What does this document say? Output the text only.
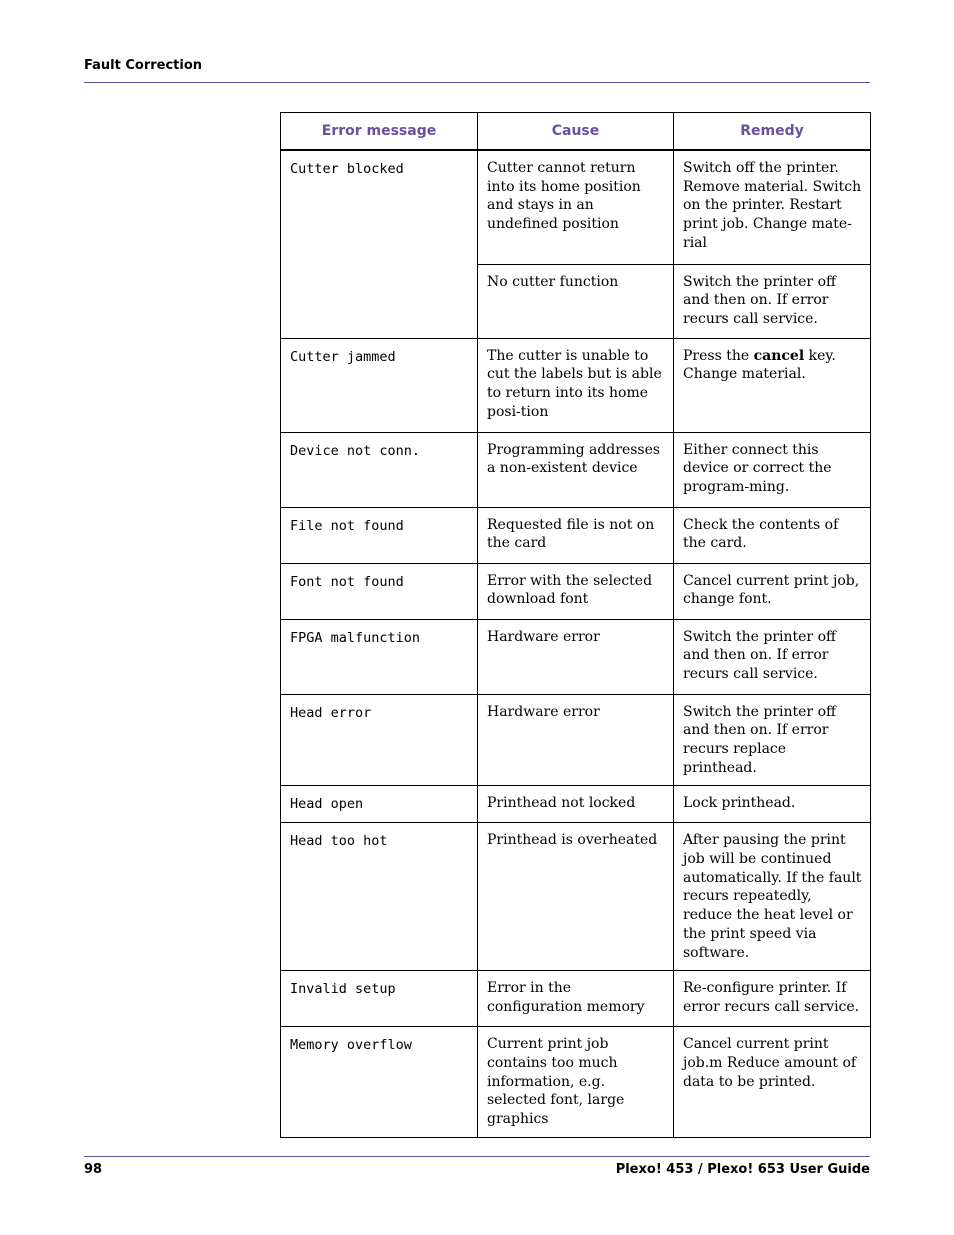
Fault Correction
Error message	Cause	Remedy
Cutter blocked	Cutter cannot return into its home position and stays in an undefined position	Switch off the printer. Remove material. Switch on the printer. Restart print job. Change mate-rial
	No cutter function	Switch the printer off and then on. If error recurs call service.
Cutter jammed	The cutter is unable to cut the labels but is able to return into its home posi-tion	Press the cancel key. Change material.
Device not conn.	Programming addresses a non-existent device	Either connect this device or correct the program-ming.
File not found	Requested file is not on the card	Check the contents of the card.
Font not found	Error with the selected download font	Cancel current print job, change font.
FPGA malfunction	Hardware error	Switch the printer off and then on. If error recurs call service.
Head error	Hardware error	Switch the printer off and then on. If error recurs replace printhead.
Head open	Printhead not locked	Lock printhead.
Head too hot	Printhead is overheated	After pausing the print job will be continued automatically. If the fault recurs repeatedly, reduce the heat level or the print speed via software.
Invalid setup	Error in the configuration memory	Re-configure printer. If error recurs call service.
Memory overflow	Current print job contains too much information, e.g. selected font, large graphics	Cancel current print job.m Reduce amount of data to be printed.
98	Plexo! 453 / Plexo! 653 User Guide
